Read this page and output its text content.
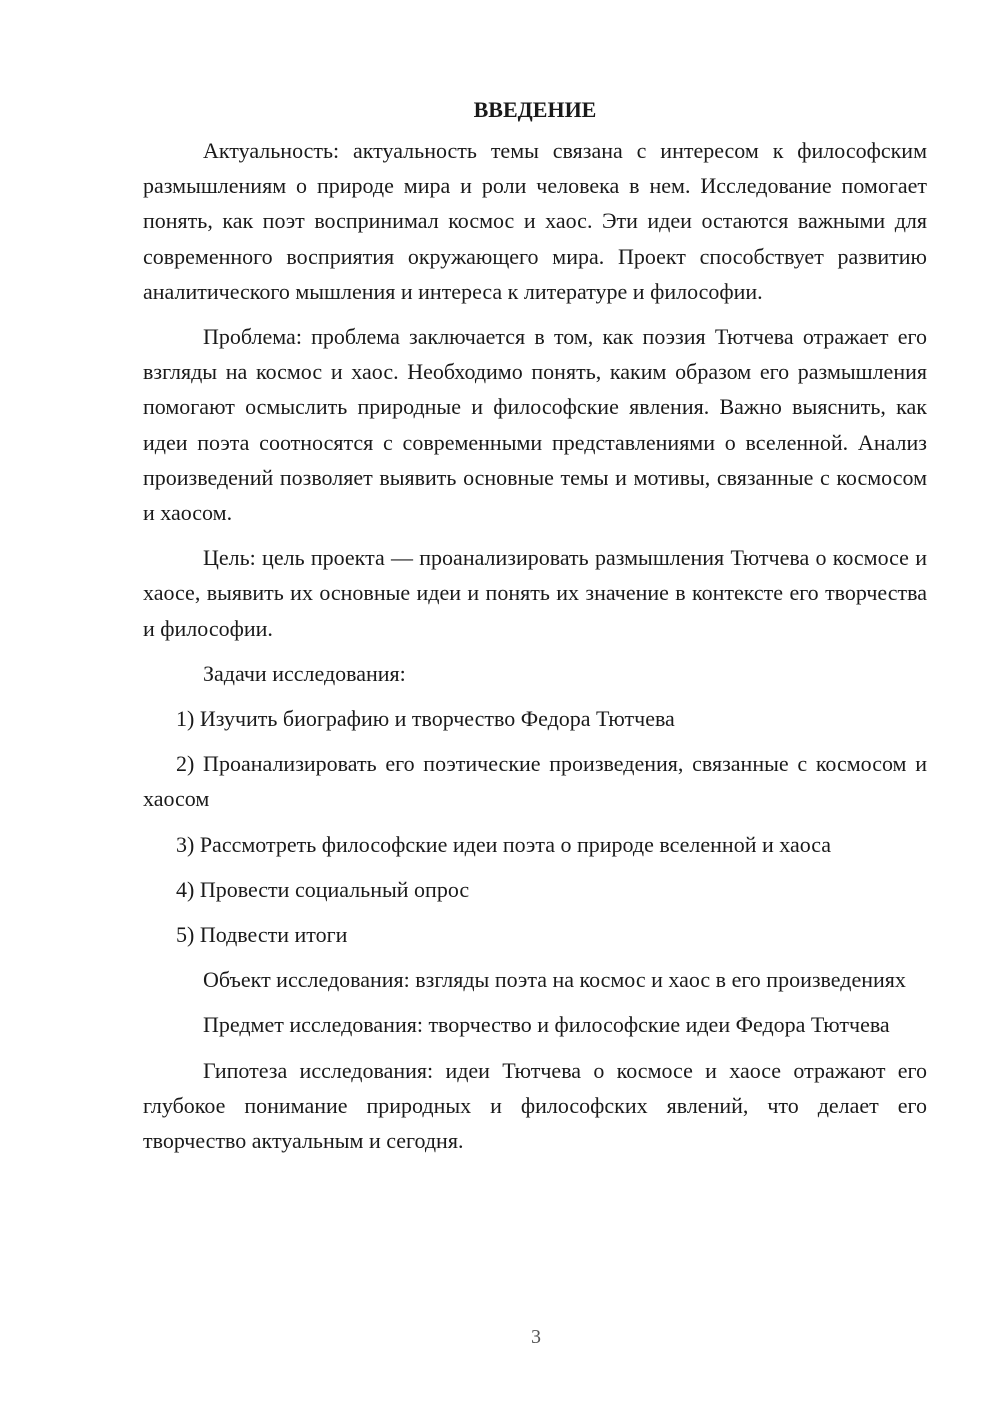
ВВЕДЕНИЕ

Актуальность: актуальность темы связана с интересом к философским размышлениям о природе мира и роли человека в нем. Исследование помогает понять, как поэт воспринимал космос и хаос. Эти идеи остаются важными для современного восприятия окружающего мира. Проект способствует развитию аналитического мышления и интереса к литературе и философии.

Проблема: проблема заключается в том, как поэзия Тютчева отражает его взгляды на космос и хаос. Необходимо понять, каким образом его размышления помогают осмыслить природные и философские явления. Важно выяснить, как идеи поэта соотносятся с современными представлениями о вселенной. Анализ произведений позволяет выявить основные темы и мотивы, связанные с космосом и хаосом.

Цель: цель проекта — проанализировать размышления Тютчева о космосе и хаосе, выявить их основные идеи и понять их значение в контексте его творчества и философии.

Задачи исследования:

1) Изучить биографию и творчество Федора Тютчева

2) Проанализировать его поэтические произведения, связанные с космосом и хаосом

3) Рассмотреть философские идеи поэта о природе вселенной и хаоса

4) Провести социальный опрос

5) Подвести итоги

Объект исследования: взгляды поэта на космос и хаос в его произведениях

Предмет исследования: творчество и философские идеи Федора Тютчева

Гипотеза исследования: идеи Тютчева о космосе и хаосе отражают его глубокое понимание природных и философских явлений, что делает его творчество актуальным и сегодня.

3
